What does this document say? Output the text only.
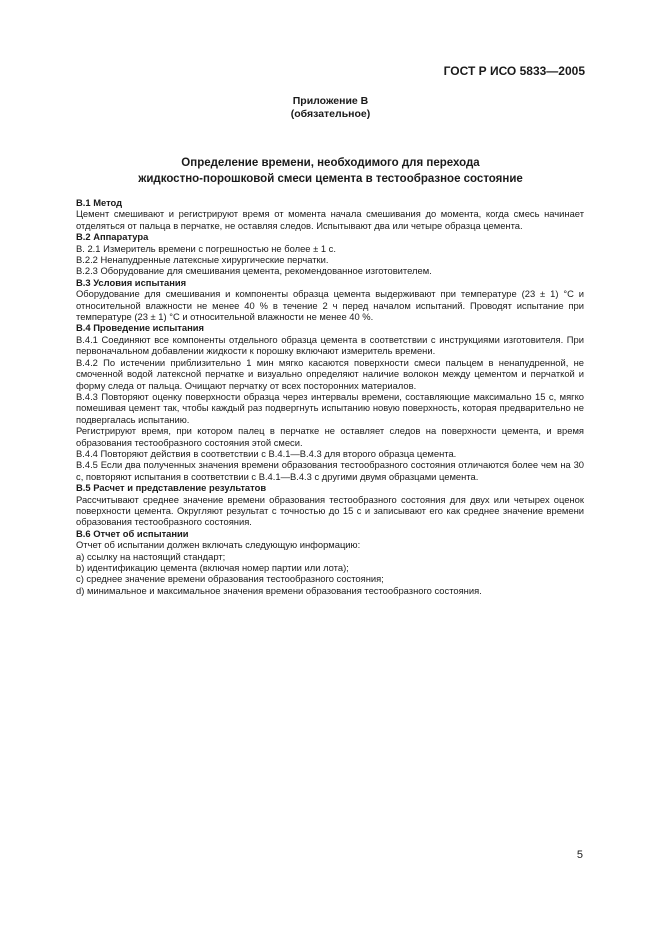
ГОСТ Р ИСО 5833—2005
Приложение В
(обязательное)
Определение времени, необходимого для перехода
жидкостно-порошковой смеси цемента в тестообразное состояние

В.1 Метод

Цемент смешивают и регистрируют время от момента начала смешивания до момента, когда смесь начинает отделяться от пальца в перчатке, не оставляя следов. Испытывают два или четыре образца цемента.

В.2 Аппаратура

В. 2.1 Измеритель времени с погрешностью не более ± 1 с.

В.2.2 Ненапудренные латексные хирургические перчатки.

В.2.3 Оборудование для смешивания цемента, рекомендованное изготовителем.

В.3 Условия испытания

Оборудование для смешивания и компоненты образца цемента выдерживают при температуре (23 ± 1) °С и относительной влажности не менее 40 % в течение 2 ч перед началом испытаний. Проводят испытание при температуре (23 ± 1) °С и относительной влажности не менее 40 %.

В.4 Проведение испытания

В.4.1 Соединяют все компоненты отдельного образца цемента в соответствии с инструкциями изготовителя. При первоначальном добавлении жидкости к порошку включают измеритель времени.

В.4.2 По истечении приблизительно 1 мин мягко касаются поверхности смеси пальцем в ненапудренной, не смоченной водой латексной перчатке и визуально определяют наличие волокон между цементом и перчаткой и форму следа от пальца. Очищают перчатку от всех посторонних материалов.

В.4.3 Повторяют оценку поверхности образца через интервалы времени, составляющие максимально 15 с, мягко помешивая цемент так, чтобы каждый раз подвергнуть испытанию новую поверхность, которая предварительно не подвергалась испытанию.

Регистрируют время, при котором палец в перчатке не оставляет следов на поверхности цемента, и время образования тестообразного состояния этой смеси.

В.4.4 Повторяют действия в соответствии с В.4.1—В.4.3 для второго образца цемента.

В.4.5 Если два полученных значения времени образования тестообразного состояния отличаются более чем на 30 с, повторяют испытания в соответствии с В.4.1—В.4.3 с другими двумя образцами цемента.

В.5 Расчет и представление результатов

Рассчитывают среднее значение времени образования тестообразного состояния для двух или четырех оценок поверхности цемента. Округляют результат с точностью до 15 с и записывают его как среднее значение времени образования тестообразного состояния.

В.6 Отчет об испытании

Отчет об испытании должен включать следующую информацию:

а) ссылку на настоящий стандарт;

b) идентификацию цемента (включая номер партии или лота);

с) среднее значение времени образования тестообразного состояния;

d) минимальное и максимальное значения времени образования тестообразного состояния.

5
